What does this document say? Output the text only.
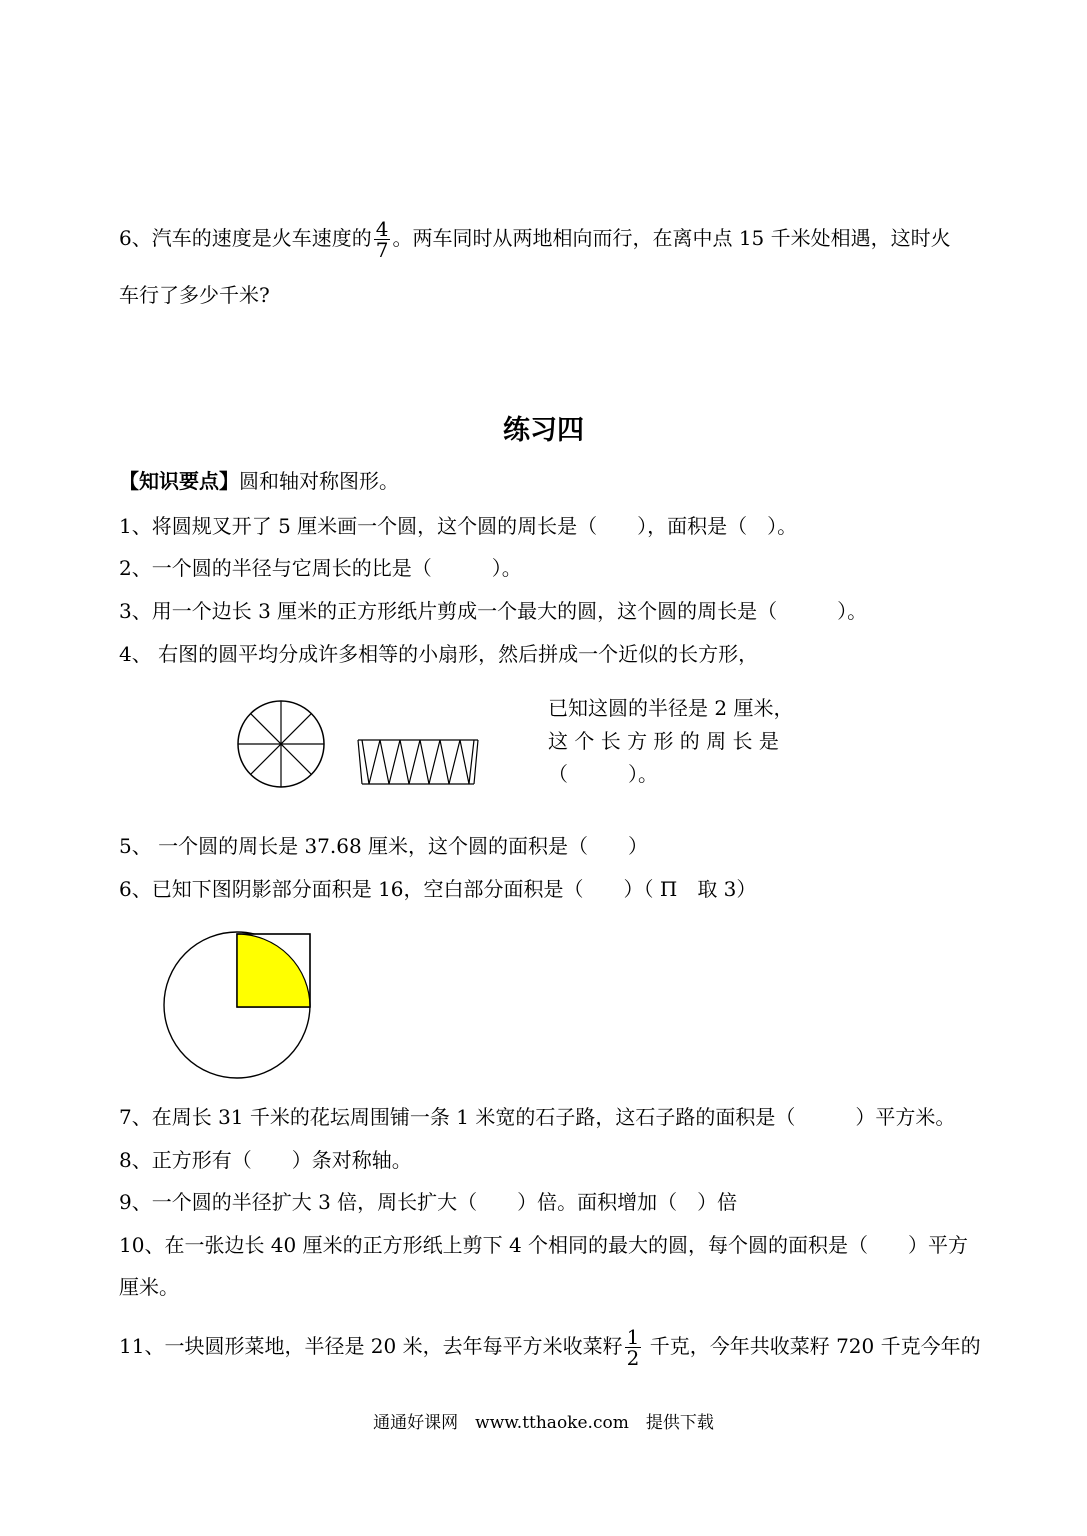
6、汽车的速度是火车速度的 $\frac{4}{7}$ 。两车同时从两地相向而行，在离中点 15 千米处相遇，这时火
车行了多少千米?
练习四
【知识要点】圆和轴对称图形。
1、将圆规叉开了 5 厘米画一个圆，这个圆的周长是（　　），面积是（　）。
2、一个圆的半径与它周长的比是（　　　）。
3、用一个边长 3 厘米的正方形纸片剪成一个最大的圆，这个圆的周长是（　　　）。
4、 右图的圆平均分成许多相等的小扇形，然后拼成一个近似的长方形，
已知这圆的半径是 2 厘米，
这 个 长 方 形 的 周 长 是
（　　　）。
5、 一个圆的周长是 37.68 厘米，这个圆的面积是（　　）
6、已知下图阴影部分面积是 16，空白部分面积是（　　）（ Π　取 3）
7、在周长 31 千米的花坛周围铺一条 1 米宽的石子路，这石子路的面积是（　　　）平方米。
8、正方形有（　　）条对称轴。
9、一个圆的半径扩大 3 倍，周长扩大（　　）倍。面积增加（　）倍
10、在一张边长 40 厘米的正方形纸上剪下 4 个相同的最大的圆，每个圆的面积是（　　）平方
厘米。
11、一块圆形菜地，半径是 20 米，去年每平方米收菜籽 $\frac{1}{2}$ 千克，今年共收菜籽 720 千克今年的
通通好课网　www.tthaoke.com　提供下载
